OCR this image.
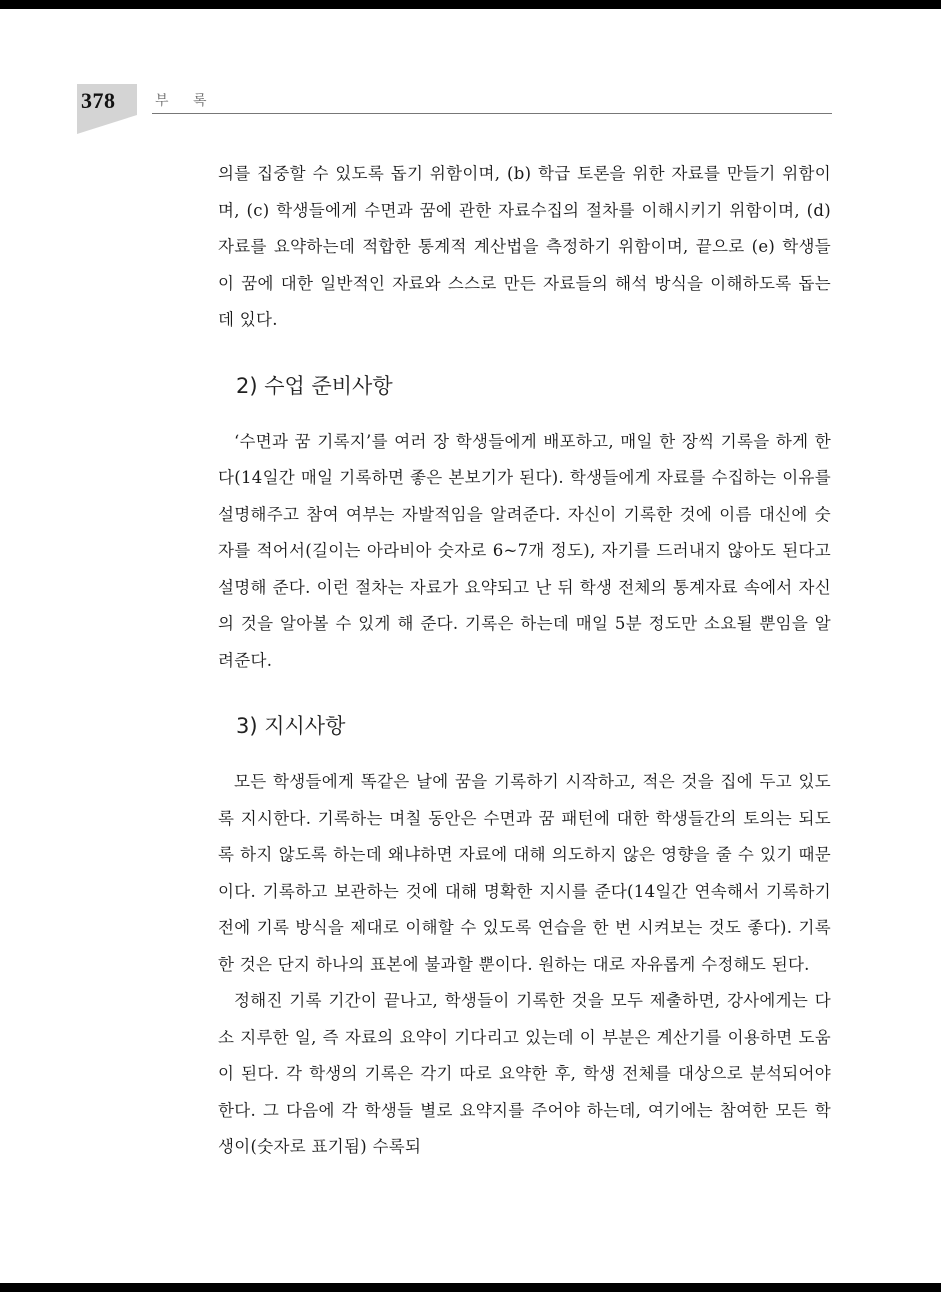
378	부 록

의를 집중할 수 있도록 돕기 위함이며, (b) 학급 토론을 위한 자료를 만들기 위함이며, (c) 학생들에게 수면과 꿈에 관한 자료수집의 절차를 이해시키기 위함이며, (d) 자료를 요약하는데 적합한 통계적 계산법을 측정하기 위함이며, 끝으로 (e) 학생들이 꿈에 대한 일반적인 자료와 스스로 만든 자료들의 해석 방식을 이해하도록 돕는데 있다.

2) 수업 준비사항

‘수면과 꿈 기록지’를 여러 장 학생들에게 배포하고, 매일 한 장씩 기록을 하게 한다(14일간 매일 기록하면 좋은 본보기가 된다). 학생들에게 자료를 수집하는 이유를 설명해주고 참여 여부는 자발적임을 알려준다. 자신이 기록한 것에 이름 대신에 숫자를 적어서(길이는 아라비아 숫자로 6~7개 정도), 자기를 드러내지 않아도 된다고 설명해 준다. 이런 절차는 자료가 요약되고 난 뒤 학생 전체의 통계자료 속에서 자신의 것을 알아볼 수 있게 해 준다. 기록은 하는데 매일 5분 정도만 소요될 뿐임을 알려준다.

3) 지시사항

모든 학생들에게 똑같은 날에 꿈을 기록하기 시작하고, 적은 것을 집에 두고 있도록 지시한다. 기록하는 며칠 동안은 수면과 꿈 패턴에 대한 학생들간의 토의는 되도록 하지 않도록 하는데 왜냐하면 자료에 대해 의도하지 않은 영향을 줄 수 있기 때문이다. 기록하고 보관하는 것에 대해 명확한 지시를 준다(14일간 연속해서 기록하기 전에 기록 방식을 제대로 이해할 수 있도록 연습을 한 번 시켜보는 것도 좋다). 기록한 것은 단지 하나의 표본에 불과할 뿐이다. 원하는 대로 자유롭게 수정해도 된다.

정해진 기록 기간이 끝나고, 학생들이 기록한 것을 모두 제출하면, 강사에게는 다소 지루한 일, 즉 자료의 요약이 기다리고 있는데 이 부분은 계산기를 이용하면 도움이 된다. 각 학생의 기록은 각기 따로 요약한 후, 학생 전체를 대상으로 분석되어야 한다. 그 다음에 각 학생들 별로 요약지를 주어야 하는데, 여기에는 참여한 모든 학생이(숫자로 표기됨) 수록되
